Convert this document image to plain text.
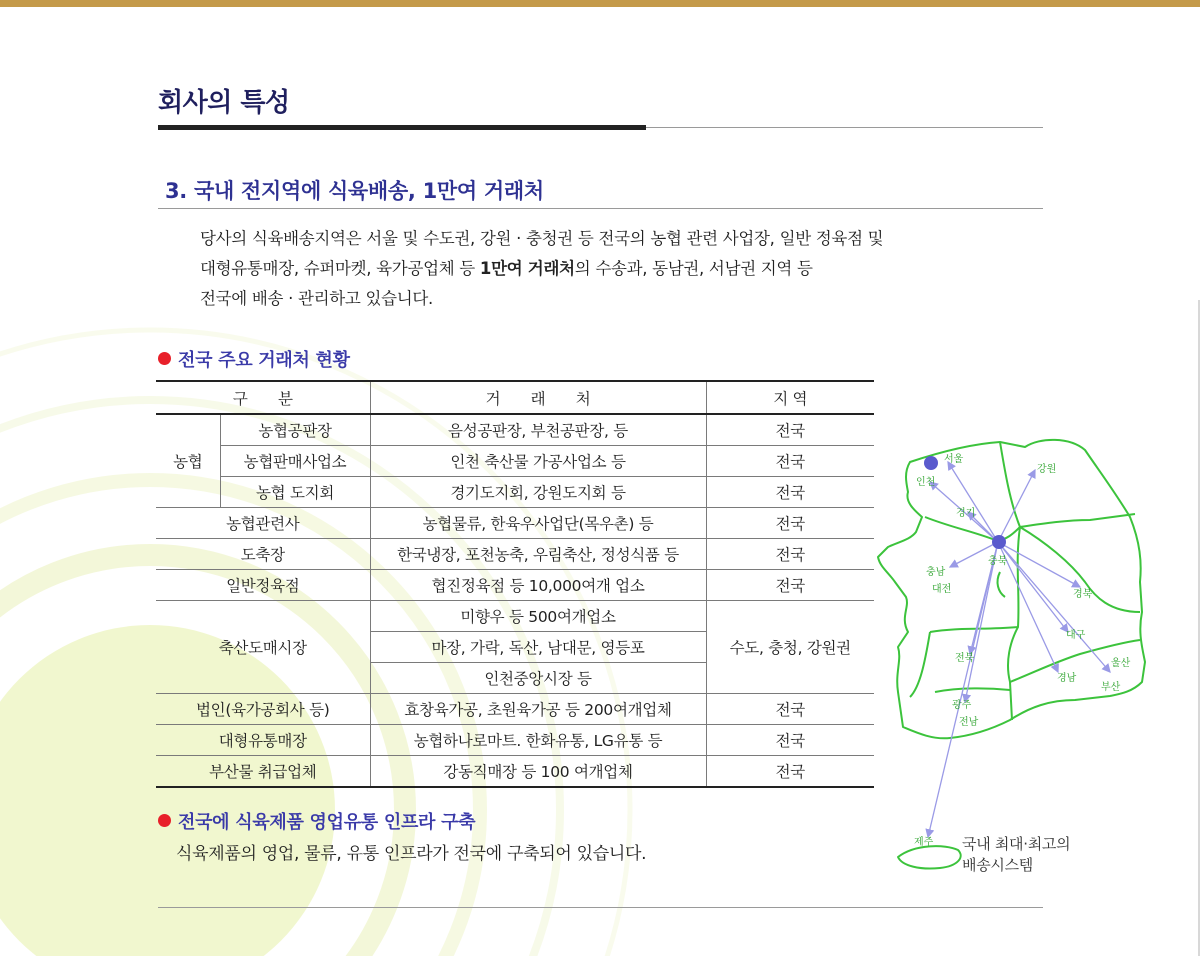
회사의 특성
3. 국내 전지역에 식육배송, 1만여 거래처
당사의 식육배송지역은 서울 및 수도권, 강원 · 충청권 등 전국의 농협 관련 사업장, 일반 정육점 및
대형유통매장, 슈퍼마켓, 육가공업체 등 1만여 거래처의 수송과, 동남권, 서남권 지역 등
전국에 배송 · 관리하고 있습니다.
전국 주요 거래처 현황
구　　분		거　　래　　처	지 역
농협	농협공판장	음성공판장, 부천공판장, 등	전국
	농협판매사업소	인천 축산물 가공사업소 등	전국
	농협 도지회	경기도지회, 강원도지회 등	전국
농협관련사		농협물류, 한육우사업단(목우촌) 등	전국
도축장		한국냉장, 포천농축, 우림축산, 정성식품 등	전국
일반정육점		협진정육점 등 10,000여개 업소	전국
축산도매시장		미향우 등 500여개업소	수도, 충청, 강원권
		마장, 가락, 독산, 남대문, 영등포	
		인천중앙시장 등	
법인(육가공회사 등)		효창육가공, 초원육가공 등 200여개업체	전국
대형유통매장		농협하나로마트. 한화유통, LG유통 등	전국
부산물 취급업체		강동직매장 등 100 여개업체	전국
전국에 식육제품 영업유통 인프라 구축
식육제품의 영업, 물류, 유통 인프라가 전국에 구축되어 있습니다.
서울
인천
강원
경기
충북
충남
대전	경북
대구
전북	울산
경남
부산
광주
전남
제주 국내 최대·최고의
배송시스템
